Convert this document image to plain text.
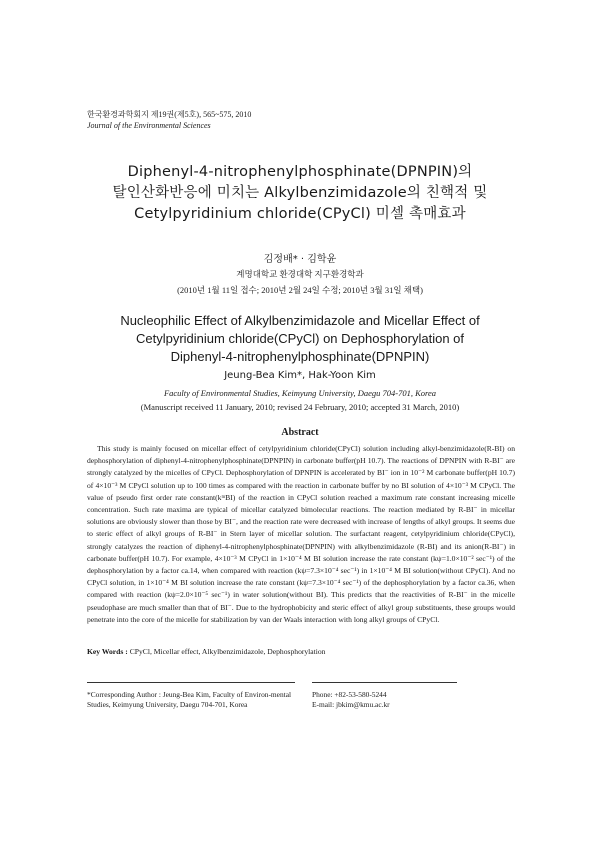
한국환경과학회지 제19권(제5호), 565~575, 2010
Journal of the Environmental Sciences
Diphenyl-4-nitrophenylphosphinate(DPNPIN)의
탈인산화반응에 미치는 Alkylbenzimidazole의 친핵적 및
Cetylpyridinium chloride(CPyCl) 미셀 촉매효과
김정배* · 김학윤
계명대학교 환경대학 지구환경학과
(2010년 1월 11일 접수; 2010년 2월 24일 수정; 2010년 3월 31일 채택)
Nucleophilic Effect of Alkylbenzimidazole and Micellar Effect of
Cetylpyridinium chloride(CPyCl) on Dephosphorylation of
Diphenyl-4-nitrophenylphosphinate(DPNPIN)
Jeung-Bea Kim*, Hak-Yoon Kim
Faculty of Environmental Studies, Keimyung University, Daegu 704-701, Korea
(Manuscript received 11 January, 2010; revised 24 February, 2010; accepted 31 March, 2010)
Abstract
This study is mainly focused on micellar effect of cetylpyridinium chloride(CPyCl) solution including alkyl-benzimidazole(R-BI) on dephosphorylation of diphenyl-4-nitrophenylphosphinate(DPNPIN) in carbonate buffer(pH 10.7). The reactions of DPNPIN with R-BI⁻ are strongly catalyzed by the micelles of CPyCl. Dephosphorylation of DPNPIN is accelerated by BI⁻ ion in 10⁻² M carbonate buffer(pH 10.7) of 4×10⁻³ M CPyCl solution up to 100 times as compared with the reaction in carbonate buffer by no BI solution of 4×10⁻³ M CPyCl. The value of pseudo first order rate constant(kᵐBI) of the reaction in CPyCl solution reached a maximum rate constant increasing micelle concentration. Such rate maxima are typical of micellar catalyzed bimolecular reactions. The reaction mediated by R-BI⁻ in micellar solutions are obviously slower than those by BI⁻, and the reaction rate were decreased with increase of lengths of alkyl groups. It seems due to steric effect of alkyl groups of R-BI⁻ in Stern layer of micellar solution. The surfactant reagent, cetylpyridinium chloride(CPyCl), strongly catalyzes the reaction of diphenyl-4-nitrophenylphosphinate(DPNPIN) with alkylbenzimidazole (R-BI) and its anion(R-BI⁻) in carbonate buffer(pH 10.7). For example, 4×10⁻³ M CPyCl in 1×10⁻⁴ M BI solution increase the rate constant (kψ=1.0×10⁻² sec⁻¹) of the dephosphorylation by a factor ca.14, when compared with reaction (kψ=7.3×10⁻⁴ sec⁻¹) in 1×10⁻⁴ M BI solution(without CPyCl). And no CPyCl solution, in 1×10⁻⁴ M BI solution increase the rate constant (kψ=7.3×10⁻⁴ sec⁻¹) of the dephosphorylation by a factor ca.36, when compared with reaction (kψ=2.0×10⁻⁵ sec⁻¹) in water solution(without BI). This predicts that the reactivities of R-BI⁻ in the micelle pseudophase are much smaller than that of BI⁻. Due to the hydrophobicity and steric effect of alkyl group substituents, these groups would penetrate into the core of the micelle for stabilization by van der Waals interaction with long alkyl groups of CPyCl.
Key Words : CPyCl, Micellar effect, Alkylbenzimidazole, Dephosphorylation
*Corresponding Author : Jeung-Bea Kim, Faculty of Environ-mental Studies, Keimyung University, Daegu 704-701, Korea
Phone: +82-53-580-5244
E-mail: jbkim@kmu.ac.kr
